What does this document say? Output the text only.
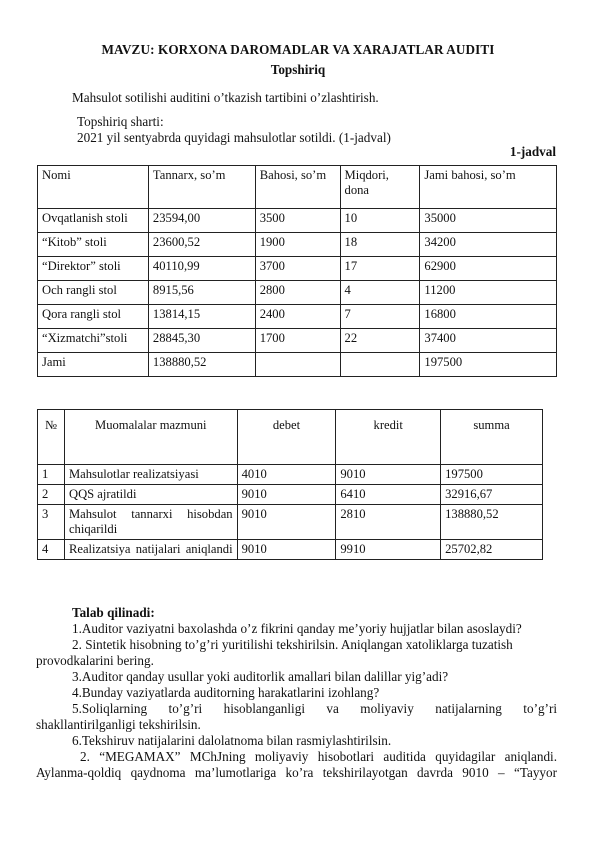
MAVZU: KORXONA DAROMADLAR VA XARAJATLAR AUDITI
Topshiriq
Mahsulot sotilishi auditini o’tkazish tartibini o’zlashtirish.
Topshiriq sharti:
2021 yil sentyabrda quyidagi mahsulotlar sotildi. (1-jadval)
1-jadval
Nomi	Tannarx, so’m	Bahosi, so’m	Miqdori, dona	Jami bahosi, so’m
Ovqatlanish stoli	23594,00	3500	10	35000
“Kitob” stoli	23600,52	1900	18	34200
“Direktor” stoli	40110,99	3700	17	62900
Och rangli stol	8915,56	2800	4	11200
Qora rangli stol	13814,15	2400	7	16800
“Xizmatchi”stoli	28845,30	1700	22	37400
Jami	138880,52			197500
№	Muomalalar mazmuni	debet	kredit	summa
1	Mahsulotlar realizatsiyasi	4010	9010	197500
2	QQS ajratildi	9010	6410	32916,67
3	Mahsulot tannarxi hisobdan chiqarildi	9010	2810	138880,52
4	Realizatsiya natijalari aniqlandi	9010	9910	25702,82
Talab qilinadi:
1.Auditor vaziyatni baxolashda o’z fikrini qanday me’yoriy hujjatlar bilan asoslaydi?
2. Sintetik hisobning to’g’ri yuritilishi tekshirilsin. Aniqlangan xatoliklarga tuzatish
provodkalarini bering.
3.Auditor qanday usullar yoki auditorlik amallari bilan dalillar yig’adi?
4.Bunday vaziyatlarda auditorning harakatlarini izohlang?
5.Soliqlarning to’g’ri hisoblanganligi va moliyaviy natijalarning to’g’ri
shakllantirilganligi tekshirilsin.
6.Tekshiruv natijalarini dalolatnoma bilan rasmiylashtirilsin.
2. “MEGAMAX” MChJning moliyaviy hisobotlari auditida quyidagilar aniqlandi.
Aylanma-qoldiq qaydnoma ma’lumotlariga ko’ra tekshirilayotgan davrda 9010 – “Tayyor
